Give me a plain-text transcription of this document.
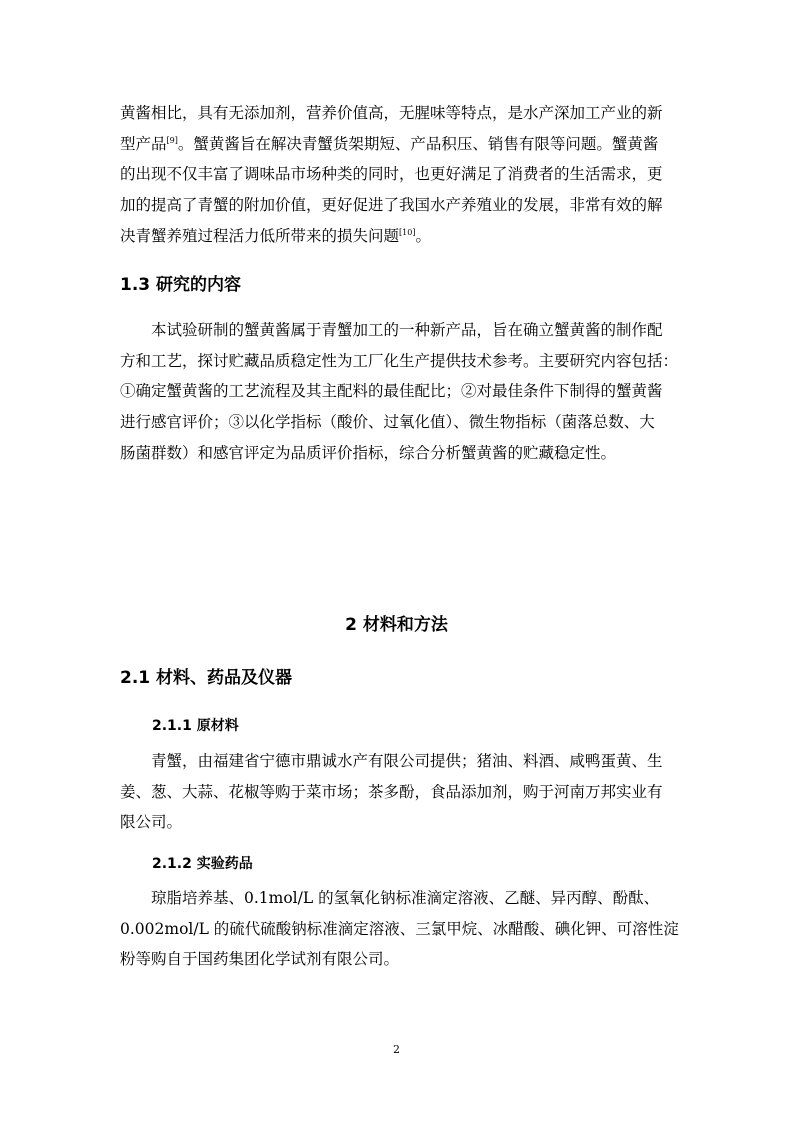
黄酱相比，具有无添加剂，营养价值高，无腥味等特点，是水产深加工产业的新
型产品[9]。蟹黄酱旨在解决青蟹货架期短、产品积压、销售有限等问题。蟹黄酱
的出现不仅丰富了调味品市场种类的同时，也更好满足了消费者的生活需求，更
加的提高了青蟹的附加价值，更好促进了我国水产养殖业的发展，非常有效的解
决青蟹养殖过程活力低所带来的损失问题[10]。
1.3 研究的内容
本试验研制的蟹黄酱属于青蟹加工的一种新产品，旨在确立蟹黄酱的制作配
方和工艺，探讨贮藏品质稳定性为工厂化生产提供技术参考。主要研究内容包括：
①确定蟹黄酱的工艺流程及其主配料的最佳配比；②对最佳条件下制得的蟹黄酱
进行感官评价；③以化学指标（酸价、过氧化值）、微生物指标（菌落总数、大
肠菌群数）和感官评定为品质评价指标，综合分析蟹黄酱的贮藏稳定性。
2 材料和方法
2.1 材料、药品及仪器
2.1.1 原材料
青蟹，由福建省宁德市鼎诚水产有限公司提供；猪油、料酒、咸鸭蛋黄、生
姜、葱、大蒜、花椒等购于菜市场；茶多酚，食品添加剂，购于河南万邦实业有
限公司。
2.1.2 实验药品
琼脂培养基、0.1mol/L 的氢氧化钠标准滴定溶液、乙醚、异丙醇、酚酞、
0.002mol/L 的硫代硫酸钠标准滴定溶液、三氯甲烷、冰醋酸、碘化钾、可溶性淀
粉等购自于国药集团化学试剂有限公司。
2
